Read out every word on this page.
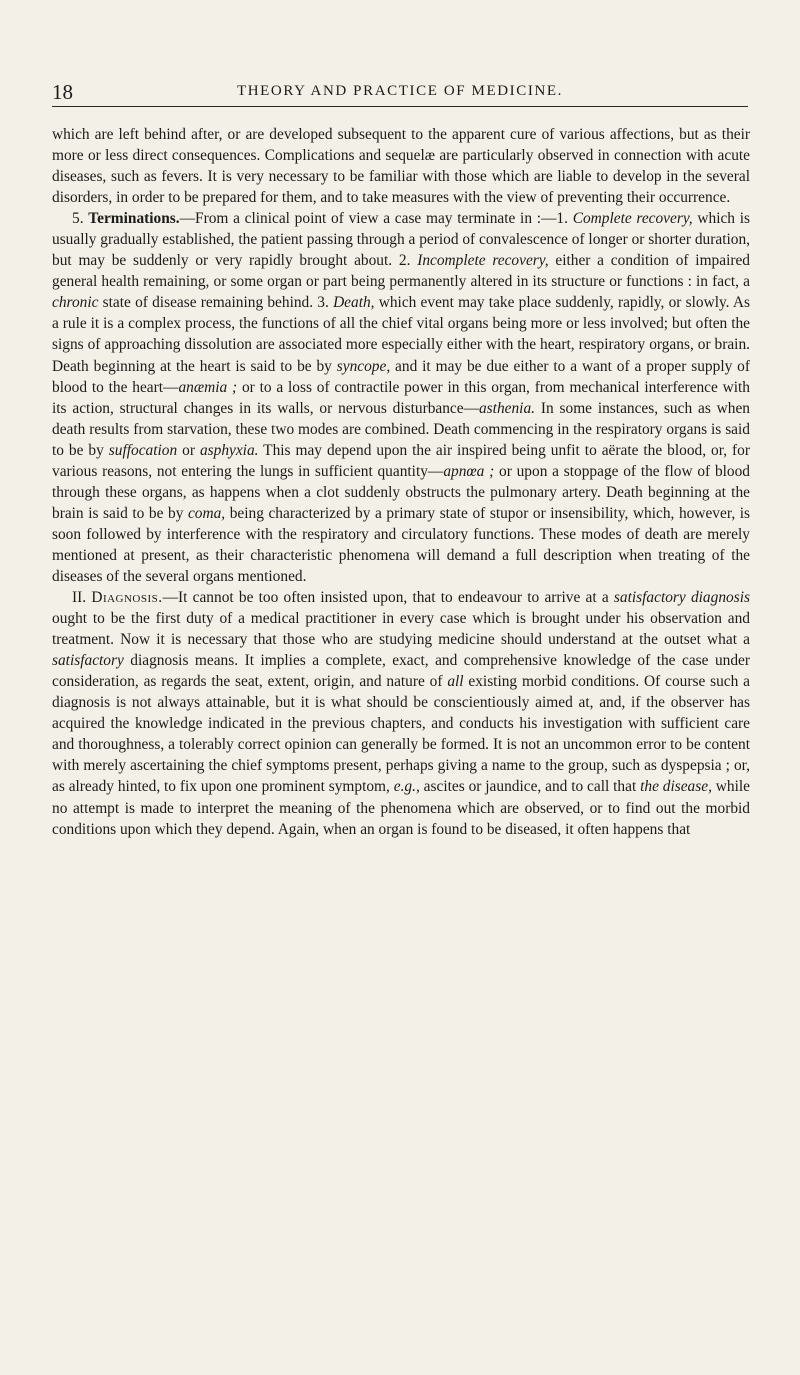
18	THEORY AND PRACTICE OF MEDICINE.

which are left behind after, or are developed subsequent to the apparent cure of various affections, but as their more or less direct consequences. Complications and sequelæ are particularly observed in connection with acute diseases, such as fevers. It is very necessary to be familiar with those which are liable to develop in the several disorders, in order to be prepared for them, and to take measures with the view of preventing their occurrence.

5. Terminations.—From a clinical point of view a case may terminate in :—1. Complete recovery, which is usually gradually established, the patient passing through a period of convalescence of longer or shorter duration, but may be suddenly or very rapidly brought about. 2. Incomplete recovery, either a condition of impaired general health remaining, or some organ or part being permanently altered in its structure or functions : in fact, a chronic state of disease remaining behind. 3. Death, which event may take place suddenly, rapidly, or slowly. As a rule it is a complex process, the functions of all the chief vital organs being more or less involved; but often the signs of approaching dissolution are associated more especially either with the heart, respiratory organs, or brain. Death beginning at the heart is said to be by syncope, and it may be due either to a want of a proper supply of blood to the heart—anæmia ; or to a loss of contractile power in this organ, from mechanical interference with its action, structural changes in its walls, or nervous disturbance—asthenia. In some instances, such as when death results from starvation, these two modes are combined. Death commencing in the respiratory organs is said to be by suffocation or asphyxia. This may depend upon the air inspired being unfit to aërate the blood, or, for various reasons, not entering the lungs in sufficient quantity—apnœa ; or upon a stoppage of the flow of blood through these organs, as happens when a clot suddenly obstructs the pulmonary artery. Death beginning at the brain is said to be by coma, being characterized by a primary state of stupor or insensibility, which, however, is soon followed by interference with the respiratory and circulatory functions. These modes of death are merely mentioned at present, as their characteristic phenomena will demand a full description when treating of the diseases of the several organs mentioned.

II. Diagnosis.—It cannot be too often insisted upon, that to endeavour to arrive at a satisfactory diagnosis ought to be the first duty of a medical practitioner in every case which is brought under his observation and treatment. Now it is necessary that those who are studying medicine should understand at the outset what a satisfactory diagnosis means. It implies a complete, exact, and comprehensive knowledge of the case under consideration, as regards the seat, extent, origin, and nature of all existing morbid conditions. Of course such a diagnosis is not always attainable, but it is what should be conscientiously aimed at, and, if the observer has acquired the knowledge indicated in the previous chapters, and conducts his investigation with sufficient care and thoroughness, a tolerably correct opinion can generally be formed. It is not an uncommon error to be content with merely ascertaining the chief symptoms present, perhaps giving a name to the group, such as dyspepsia ; or, as already hinted, to fix upon one prominent symptom, e.g., ascites or jaundice, and to call that the disease, while no attempt is made to interpret the meaning of the phenomena which are observed, or to find out the morbid conditions upon which they depend. Again, when an organ is found to be diseased, it often happens that
